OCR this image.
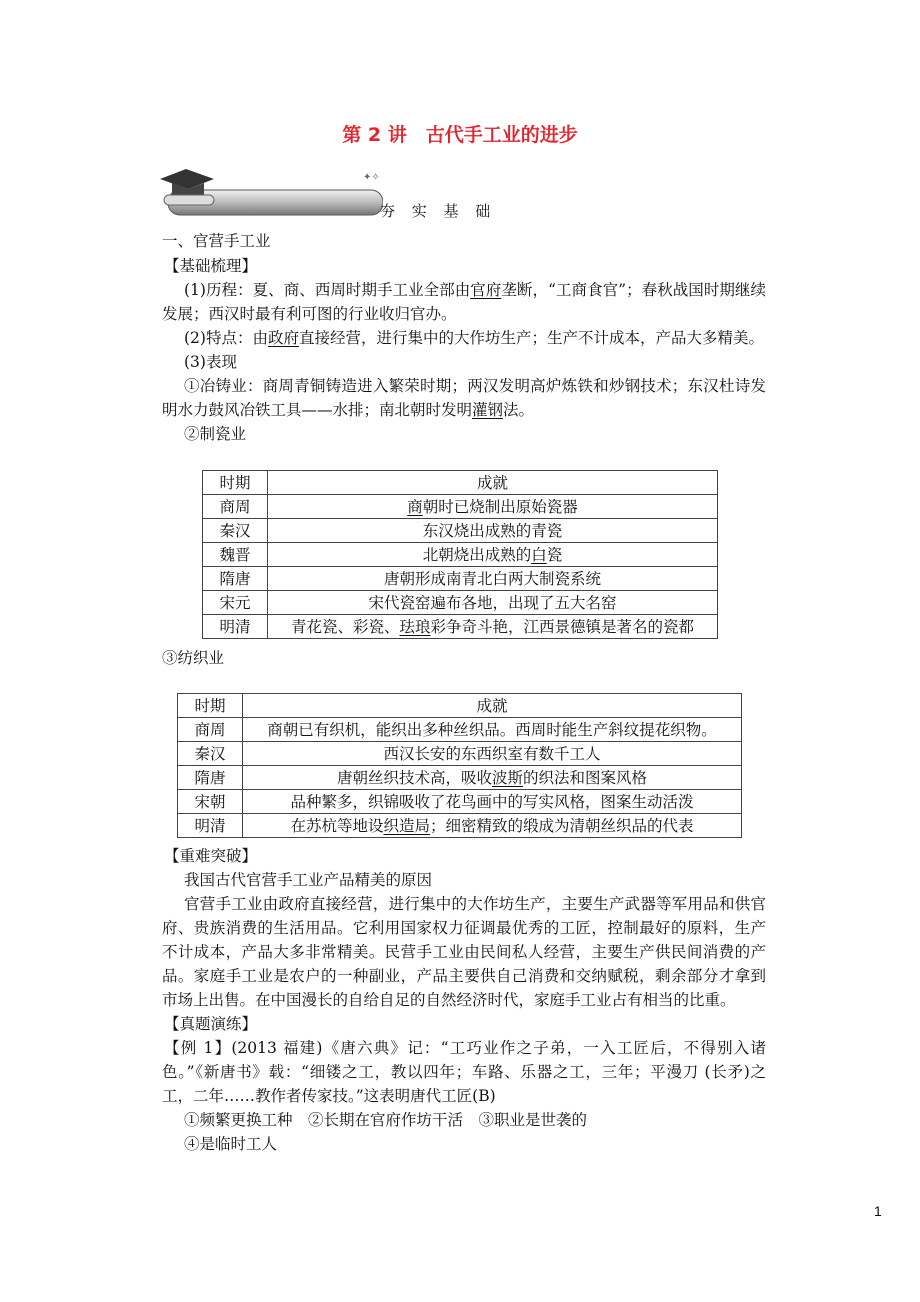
第 2 讲　古代手工业的进步
✦✧
夯 实 基 础
一、官营手工业
【基础梳理】
(1)历程：夏、商、西周时期手工业全部由官府垄断，“工商食官”；春秋战国时期继续发展；西汉时最有利可图的行业收归官办。
(2)特点：由政府直接经营，进行集中的大作坊生产；生产不计成本，产品大多精美。
(3)表现
①冶铸业：商周青铜铸造进入繁荣时期；两汉发明高炉炼铁和炒钢技术；东汉杜诗发明水力鼓风冶铁工具——水排；南北朝时发明灌钢法。
②制瓷业
时期	成就
商周	商朝时已烧制出原始瓷器
秦汉	东汉烧出成熟的青瓷
魏晋	北朝烧出成熟的白瓷
隋唐	唐朝形成南青北白两大制瓷系统
宋元	宋代瓷窑遍布各地，出现了五大名窑
明清	青花瓷、彩瓷、珐琅彩争奇斗艳，江西景德镇是著名的瓷都
③纺织业
时期	成就
商周	商朝已有织机，能织出多种丝织品。西周时能生产斜纹提花织物。
秦汉	西汉长安的东西织室有数千工人
隋唐	唐朝丝织技术高，吸收波斯的织法和图案风格
宋朝	品种繁多，织锦吸收了花鸟画中的写实风格，图案生动活泼
明清	在苏杭等地设织造局；细密精致的缎成为清朝丝织品的代表
【重难突破】
我国古代官营手工业产品精美的原因
官营手工业由政府直接经营，进行集中的大作坊生产，主要生产武器等军用品和供官府、贵族消费的生活用品。它利用国家权力征调最优秀的工匠，控制最好的原料，生产不计成本，产品大多非常精美。民营手工业由民间私人经营，主要生产供民间消费的产品。家庭手工业是农户的一种副业，产品主要供自己消费和交纳赋税，剩余部分才拿到市场上出售。在中国漫长的自给自足的自然经济时代，家庭手工业占有相当的比重。
【真题演练】
【例 1】(2013 福建)《唐六典》记：“工巧业作之子弟，一入工匠后，不得别入诸色。”《新唐书》载：“细镂之工，教以四年；车路、乐器之工，三年；平漫刀 (长矛)之工，二年……教作者传家技。”这表明唐代工匠(B)
①频繁更换工种　②长期在官府作坊干活　③职业是世袭的
④是临时工人
1
